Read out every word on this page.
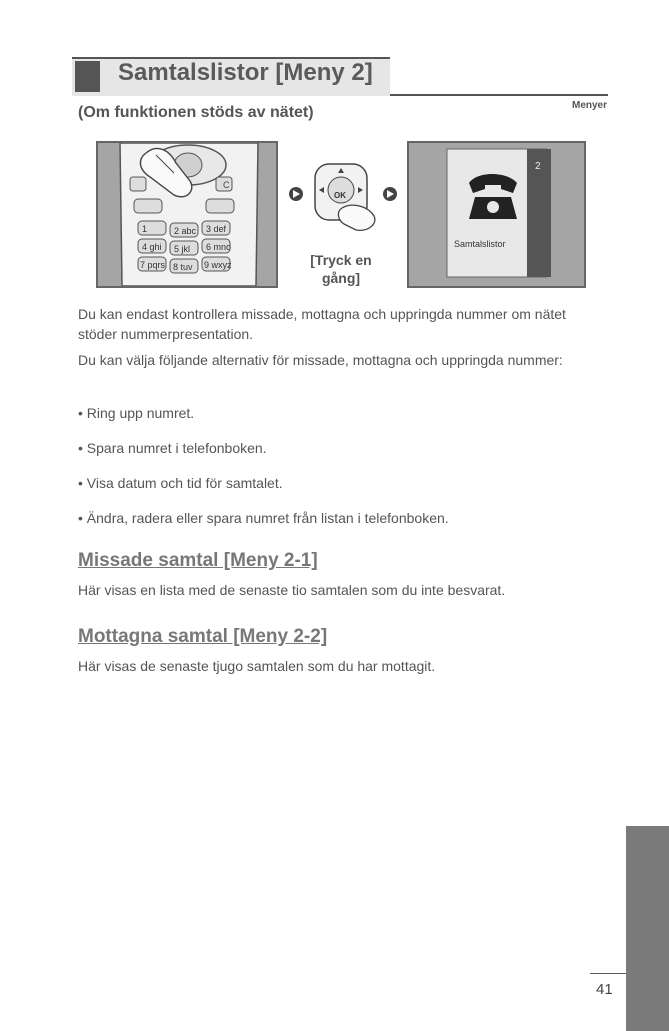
Samtalslistor [Meny 2]
Menyer
(Om funktionen stöds av nätet)
C
1	2 abc 3 def
4 ghi 5 jkl 6 mno
7 pqrs 8 tuv 9 wxyz
OK
[Tryck en
gång]
Samtalslistor
2
Du kan endast kontrollera missade, mottagna och uppringda nummer om nätet stöder nummerpresentation.
Du kan välja följande alternativ för missade, mottagna och uppringda nummer:
• Ring upp numret.
• Spara numret i telefonboken.
• Visa datum och tid för samtalet.
• Ändra, radera eller spara numret från listan i telefonboken.
Missade samtal [Meny 2-1]
Här visas en lista med de senaste tio samtalen som du inte besvarat.
Mottagna samtal [Meny 2-2]
Här visas de senaste tjugo samtalen som du har mottagit.
41
